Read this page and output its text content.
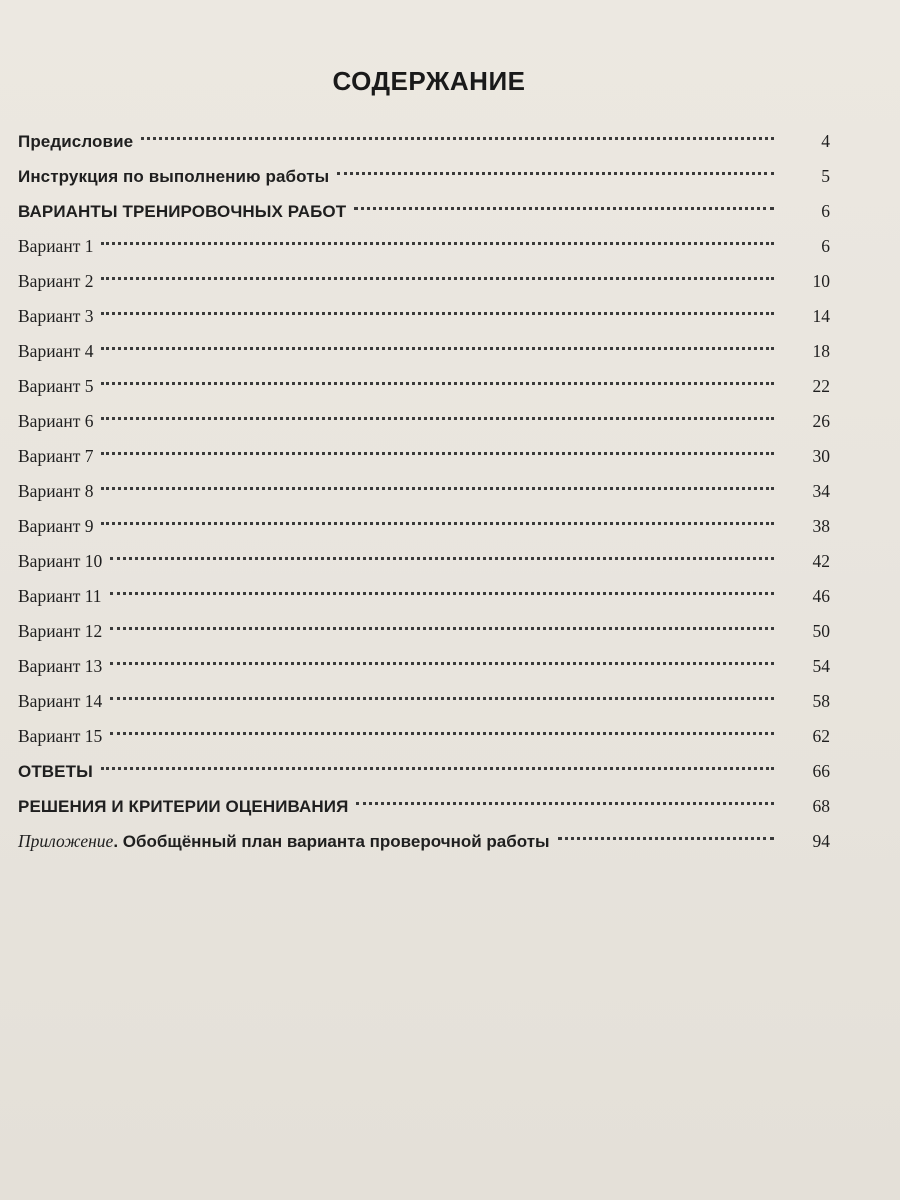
СОДЕРЖАНИЕ
Предисловие	4
Инструкция по выполнению работы	5
ВАРИАНТЫ ТРЕНИРОВОЧНЫХ РАБОТ	6
Вариант 1	6
Вариант 2	10
Вариант 3	14
Вариант 4	18
Вариант 5	22
Вариант 6	26
Вариант 7	30
Вариант 8	34
Вариант 9	38
Вариант 10	42
Вариант 11	46
Вариант 12	50
Вариант 13	54
Вариант 14	58
Вариант 15	62
ОТВЕТЫ	66
РЕШЕНИЯ И КРИТЕРИИ ОЦЕНИВАНИЯ	68
Приложение. Обобщённый план варианта проверочной работы	94
